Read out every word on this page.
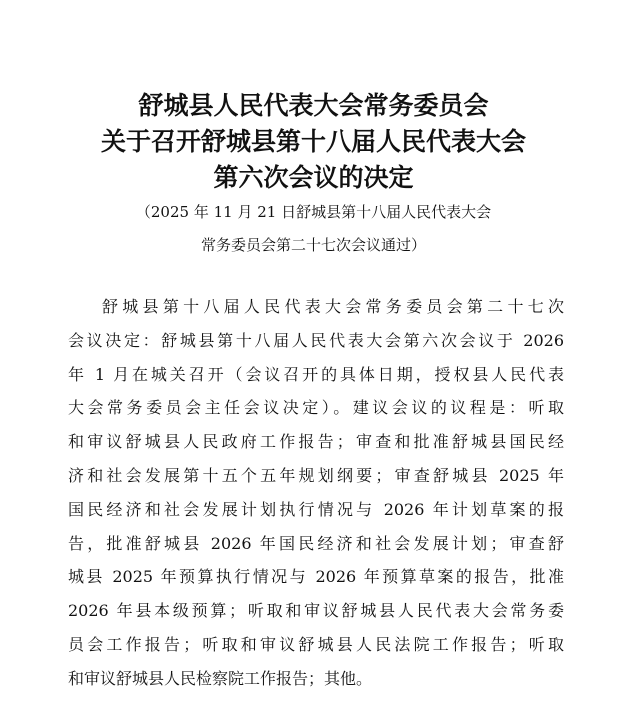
舒城县人民代表大会常务委员会
关于召开舒城县第十八届人民代表大会
第六次会议的决定

（2025 年 11 月 21 日舒城县第十八届人民代表大会
常务委员会第二十七次会议通过）

舒城县第十八届人民代表大会常务委员会第二十七次
会议决定：舒城县第十八届人民代表大会第六次会议于 2026
年 1 月在城关召开（会议召开的具体日期，授权县人民代表
大会常务委员会主任会议决定）。建议会议的议程是：听取
和审议舒城县人民政府工作报告；审查和批准舒城县国民经
济和社会发展第十五个五年规划纲要；审查舒城县 2025 年
国民经济和社会发展计划执行情况与 2026 年计划草案的报
告，批准舒城县 2026 年国民经济和社会发展计划；审查舒
城县 2025 年预算执行情况与 2026 年预算草案的报告，批准
2026 年县本级预算；听取和审议舒城县人民代表大会常务委
员会工作报告；听取和审议舒城县人民法院工作报告；听取
和审议舒城县人民检察院工作报告；其他。
